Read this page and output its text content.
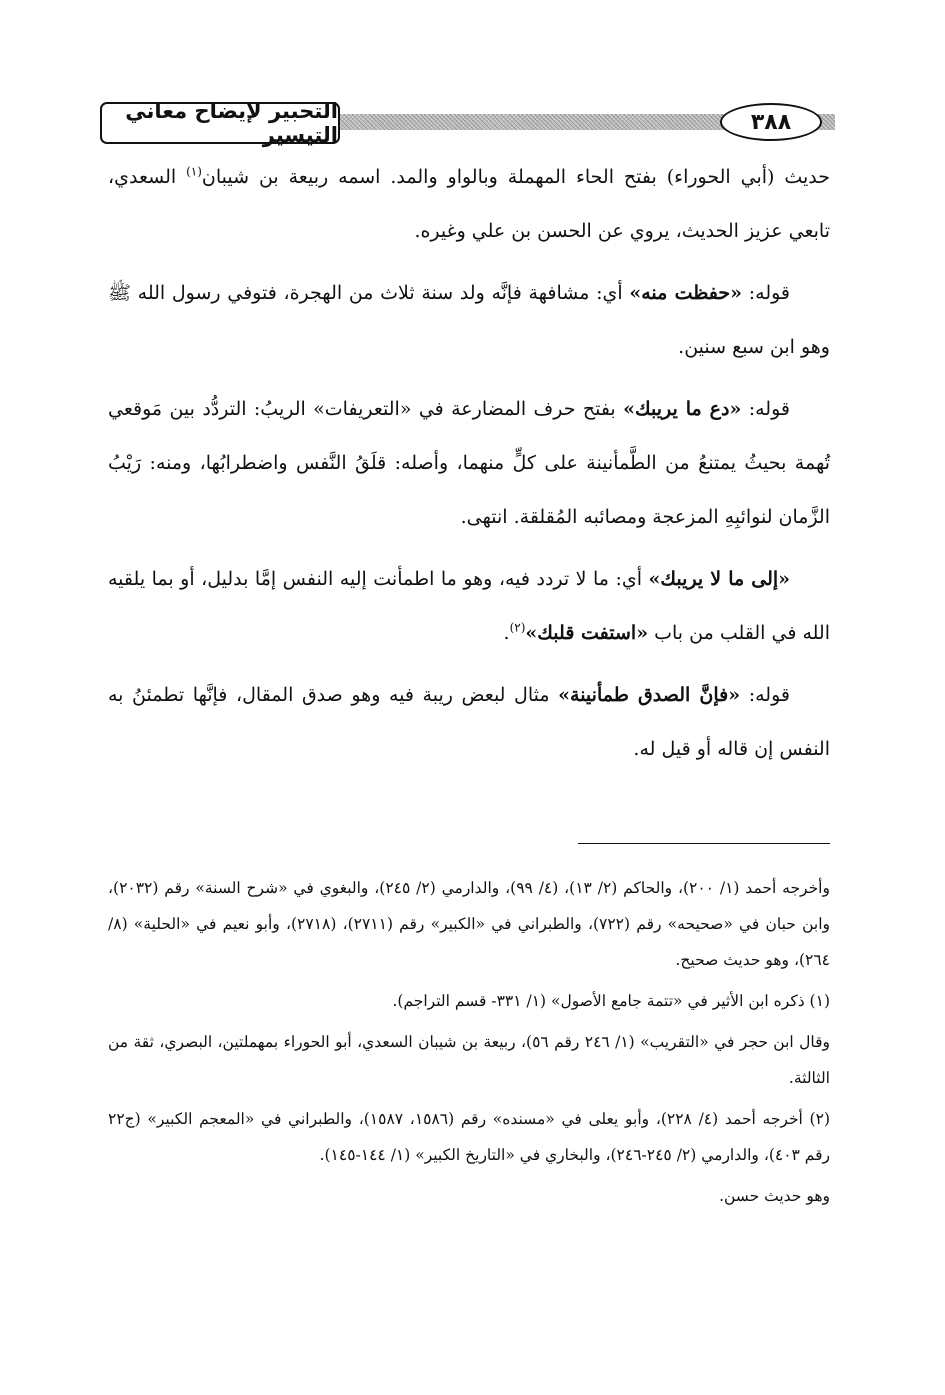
التحبير لإيضاح معاني التيسير
٣٨٨

حديث (أبي الحوراء) بفتح الحاء المهملة وبالواو والمد. اسمه ربيعة بن شيبان$^{(١)}$ السعدي، تابعي عزيز الحديث، يروي عن الحسن بن علي وغيره.

قوله: «حفظت منه» أي: مشافهة فإنَّه ولد سنة ثلاث من الهجرة، فتوفي رسول الله ﷺ وهو ابن سبع سنين.

قوله: «دع ما يريبك» بفتح حرف المضارعة في «التعريفات» الريبُ: التردُّد بين مَوقعي تُهمة بحيثُ يمتنعُ من الطَّمأنينة على كلٍّ منهما، وأصله: قلَقُ النَّفس واضطرابُها، ومنه: رَيْبُ الزَّمان لنوائبِهِ المزعجة ومصائبه المُقلقة. انتهى.

«إلى ما لا يريبك» أي: ما لا تردد فيه، وهو ما اطمأنت إليه النفس إمَّا بدليل، أو بما يلقيه الله في القلب من باب «استفت قلبك»$^{(٢)}$.

قوله: «فإنَّ الصدق طمأنينة» مثال لبعض ريبة فيه وهو صدق المقال، فإنَّها تطمئنُ به النفس إن قاله أو قيل له.

وأخرجه أحمد (١/ ٢٠٠)، والحاكم (٢/ ١٣)، (٤/ ٩٩)، والدارمي (٢/ ٢٤٥)، والبغوي في «شرح السنة» رقم (٢٠٣٢)، وابن حبان في «صحيحه» رقم (٧٢٢)، والطبراني في «الكبير» رقم (٢٧١١)، (٢٧١٨)، وأبو نعيم في «الحلية» (٨/ ٢٦٤)، وهو حديث صحيح.

(١) ذكره ابن الأثير في «تتمة جامع الأصول» (١/ ٣٣١- قسم التراجم).

وقال ابن حجر في «التقريب» (١/ ٢٤٦ رقم ٥٦)، ربيعة بن شيبان السعدي، أبو الحوراء بمهملتين، البصري، ثقة من الثالثة.

(٢) أخرجه أحمد (٤/ ٢٢٨)، وأبو يعلى في «مسنده» رقم (١٥٨٦، ١٥٨٧)، والطبراني في «المعجم الكبير» (ج٢٢ رقم ٤٠٣)، والدارمي (٢/ ٢٤٥-٢٤٦)، والبخاري في «التاريخ الكبير» (١/ ١٤٤-١٤٥).

وهو حديث حسن.
